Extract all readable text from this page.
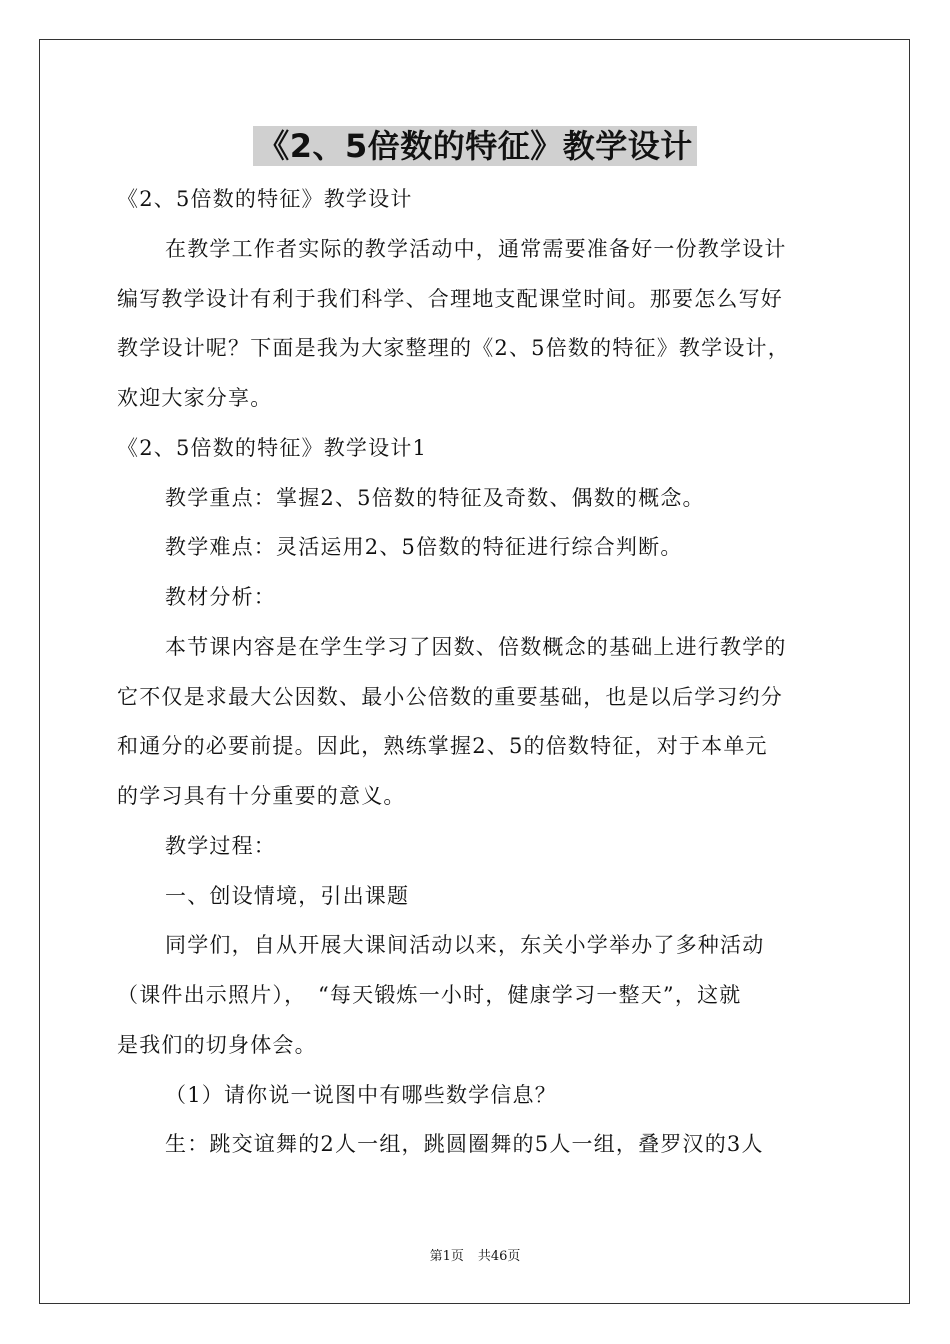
《2、5倍数的特征》教学设计
《2、5倍数的特征》教学设计
在教学工作者实际的教学活动中，通常需要准备好一份教学设计
编写教学设计有利于我们科学、合理地支配课堂时间。那要怎么写好
教学设计呢？下面是我为大家整理的《2、5倍数的特征》教学设计，
欢迎大家分享。
《2、5倍数的特征》教学设计1
教学重点：掌握2、5倍数的特征及奇数、偶数的概念。
教学难点：灵活运用2、5倍数的特征进行综合判断。
教材分析：
本节课内容是在学生学习了因数、倍数概念的基础上进行教学的
它不仅是求最大公因数、最小公倍数的重要基础，也是以后学习约分
和通分的必要前提。因此，熟练掌握2、5的倍数特征，对于本单元
的学习具有十分重要的意义。
教学过程：
一、创设情境，引出课题
同学们，自从开展大课间活动以来，东关小学举办了多种活动
（课件出示照片），　“每天锻炼一小时，健康学习一整天”，这就
是我们的切身体会。
（1）请你说一说图中有哪些数学信息？
生：跳交谊舞的2人一组，跳圆圈舞的5人一组，叠罗汉的3人
第1页 共46页
